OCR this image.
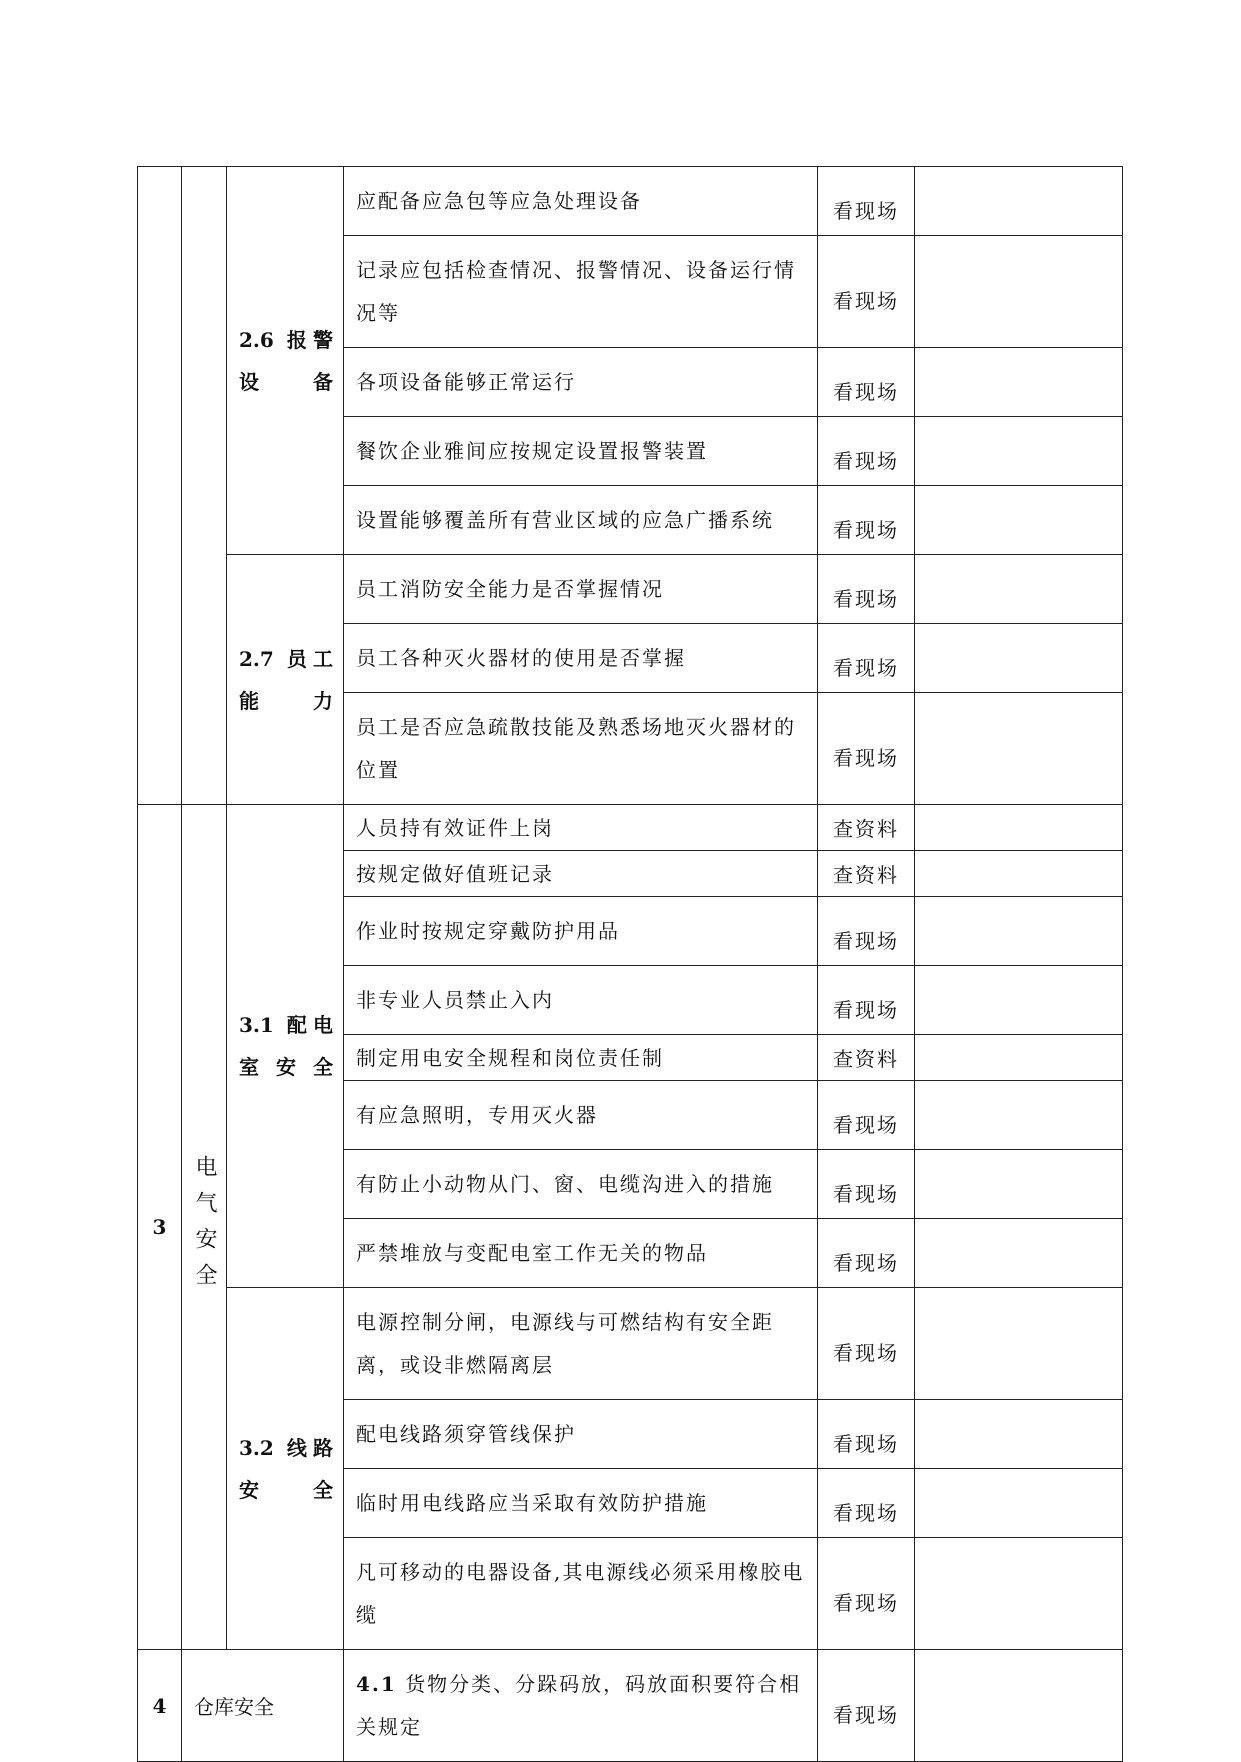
		2.6 报警设备	应配备应急包等应急处理设备	看现场	
			记录应包括检查情况、报警情况、设备运行情况等	看现场	
			各项设备能够正常运行	看现场	
			餐饮企业雅间应按规定设置报警装置	看现场	
			设置能够覆盖所有营业区域的应急广播系统	看现场	
		2.7 员工能力	员工消防安全能力是否掌握情况	看现场	
			员工各种灭火器材的使用是否掌握	看现场	
			员工是否应急疏散技能及熟悉场地灭火器材的位置	看现场	
3	电气安全	3.1 配电室安全	人员持有效证件上岗	查资料	
			按规定做好值班记录	查资料	
			作业时按规定穿戴防护用品	看现场	
			非专业人员禁止入内	看现场	
			制定用电安全规程和岗位责任制	查资料	
			有应急照明，专用灭火器	看现场	
			有防止小动物从门、窗、电缆沟进入的措施	看现场	
			严禁堆放与变配电室工作无关的物品	看现场	
		3.2 线路安全	电源控制分闸，电源线与可燃结构有安全距离，或设非燃隔离层	看现场	
			配电线路须穿管线保护	看现场	
			临时用电线路应当采取有效防护措施	看现场	
			凡可移动的电器设备,其电源线必须采用橡胶电缆	看现场	
4	仓库安全		4.1 货物分类、分跺码放，码放面积要符合相关规定	看现场	
